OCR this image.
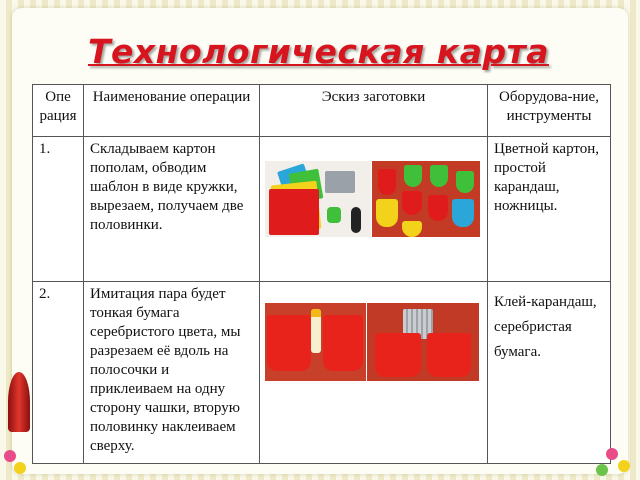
Технологическая карта
Опе рация	Наименование операции	Эскиз заготовки	Оборудова-ние, инструменты
1.	Складываем картон пополам, обводим шаблон в виде кружки, вырезаем, получаем две половинки.		Цветной картон, простой карандаш, ножницы.
2.	Имитация пара будет тонкая бумага серебристого цвета, мы разрезаем её вдоль на полосочки и приклеиваем на одну сторону чашки, вторую половинку наклеиваем сверху.		Клей-карандаш, серебристая бумага.
